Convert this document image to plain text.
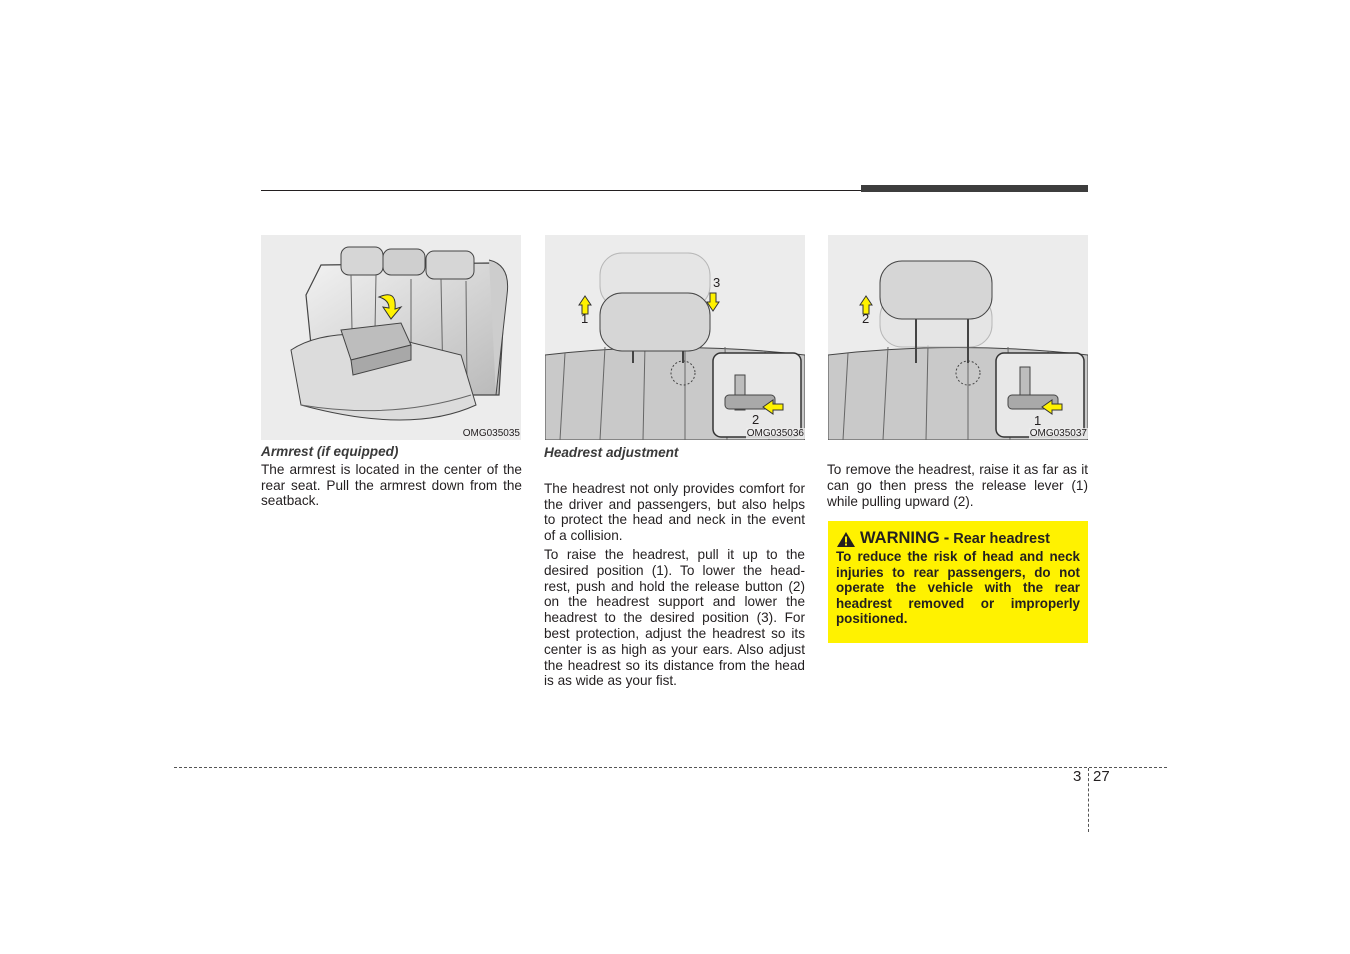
OMG035035
1
3
2
OMG035036
2
1
OMG035037

Armrest (if equipped)

The armrest is located in the center of the rear seat. Pull the armrest down from the seatback.

Headrest adjustment

The headrest not only provides comfort for the driver and passengers, but also helps to protect the head and neck in the event of a collision.

To raise the headrest, pull it up to the desired position (1). To lower the head-rest, push and hold the release button (2) on the headrest support and lower the headrest to the desired position (3). For best protection, adjust the headrest so its center is as high as your ears. Also adjust the headrest so its distance from the head is as wide as your fist.

To remove the headrest, raise it as far as it can go then press the release lever (1) while pulling upward (2).

WARNING - Rear headrest
To reduce the risk of head and neck injuries to rear passengers, do not operate the vehicle with the rear headrest removed or improperly positioned.
3 27
